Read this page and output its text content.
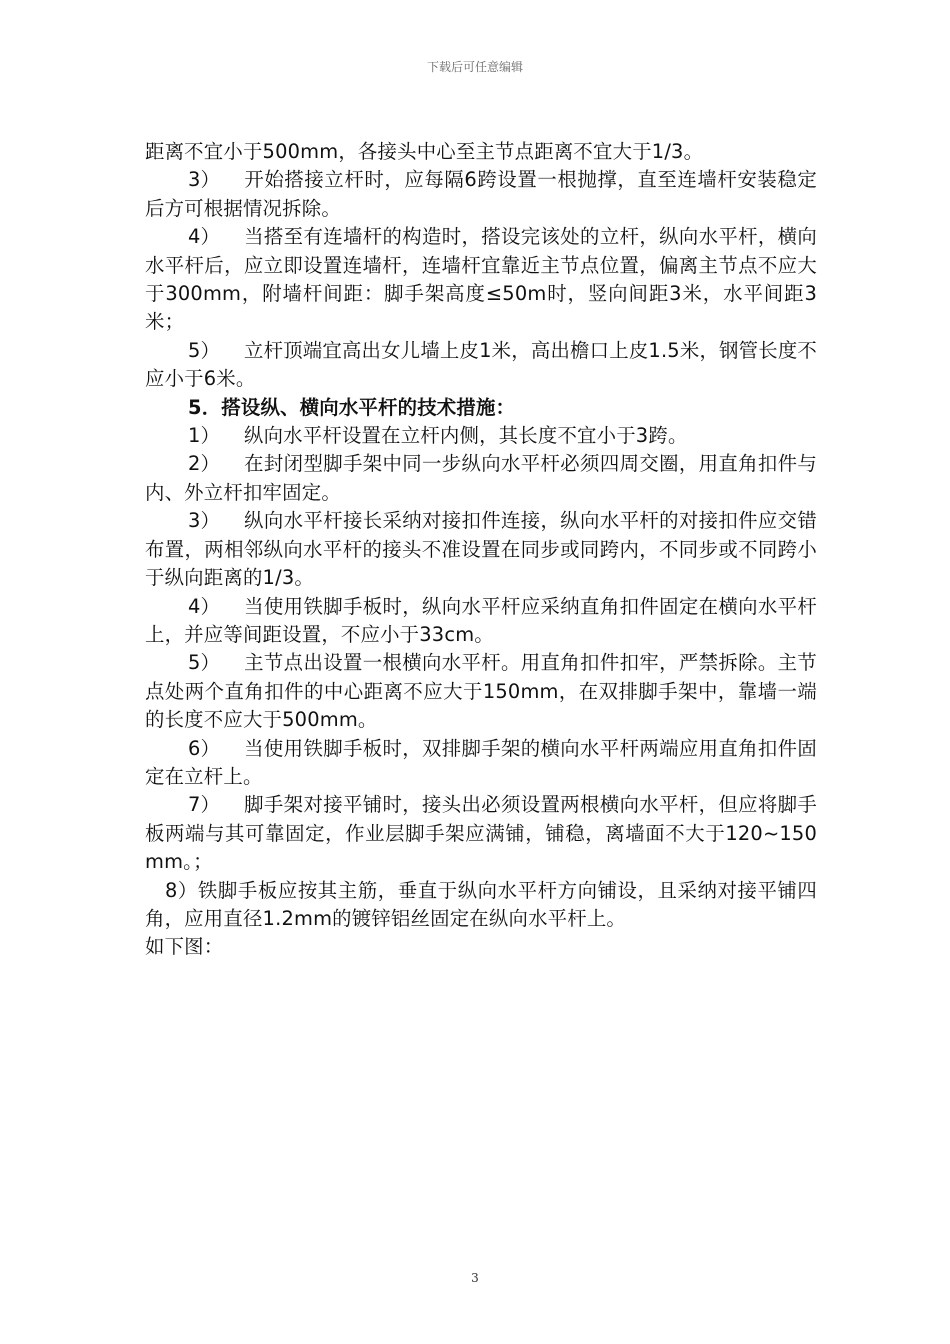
下载后可任意编辑

距离不宜小于500mm，各接头中心至主节点距离不宜大于1/3。

3） 开始搭接立杆时，应每隔6跨设置一根抛撑，直至连墙杆安装稳定后方可根据情况拆除。

4） 当搭至有连墙杆的构造时，搭设完该处的立杆，纵向水平杆，横向水平杆后，应立即设置连墙杆，连墙杆宜靠近主节点位置，偏离主节点不应大于300mm，附墙杆间距：脚手架高度≤50m时，竖向间距3米，水平间距3米；

5） 立杆顶端宜高出女儿墙上皮1米，高出檐口上皮1.5米，钢管长度不应小于6米。

5．搭设纵、横向水平杆的技术措施：

1） 纵向水平杆设置在立杆内侧，其长度不宜小于3跨。

2） 在封闭型脚手架中同一步纵向水平杆必须四周交圈，用直角扣件与内、外立杆扣牢固定。

3） 纵向水平杆接长采纳对接扣件连接，纵向水平杆的对接扣件应交错布置，两相邻纵向水平杆的接头不准设置在同步或同跨内，不同步或不同跨小于纵向距离的1/3。

4） 当使用铁脚手板时，纵向水平杆应采纳直角扣件固定在横向水平杆上，并应等间距设置，不应小于33cm。

5） 主节点出设置一根横向水平杆。用直角扣件扣牢，严禁拆除。主节点处两个直角扣件的中心距离不应大于150mm，在双排脚手架中，靠墙一端的长度不应大于500mm。

6） 当使用铁脚手板时，双排脚手架的横向水平杆两端应用直角扣件固定在立杆上。

7） 脚手架对接平铺时，接头出必须设置两根横向水平杆，但应将脚手板两端与其可靠固定，作业层脚手架应满铺，铺稳，离墙面不大于120~150mm。；

8）铁脚手板应按其主筋，垂直于纵向水平杆方向铺设，且采纳对接平铺四角，应用直径1.2mm的镀锌铝丝固定在纵向水平杆上。

如下图：

3
